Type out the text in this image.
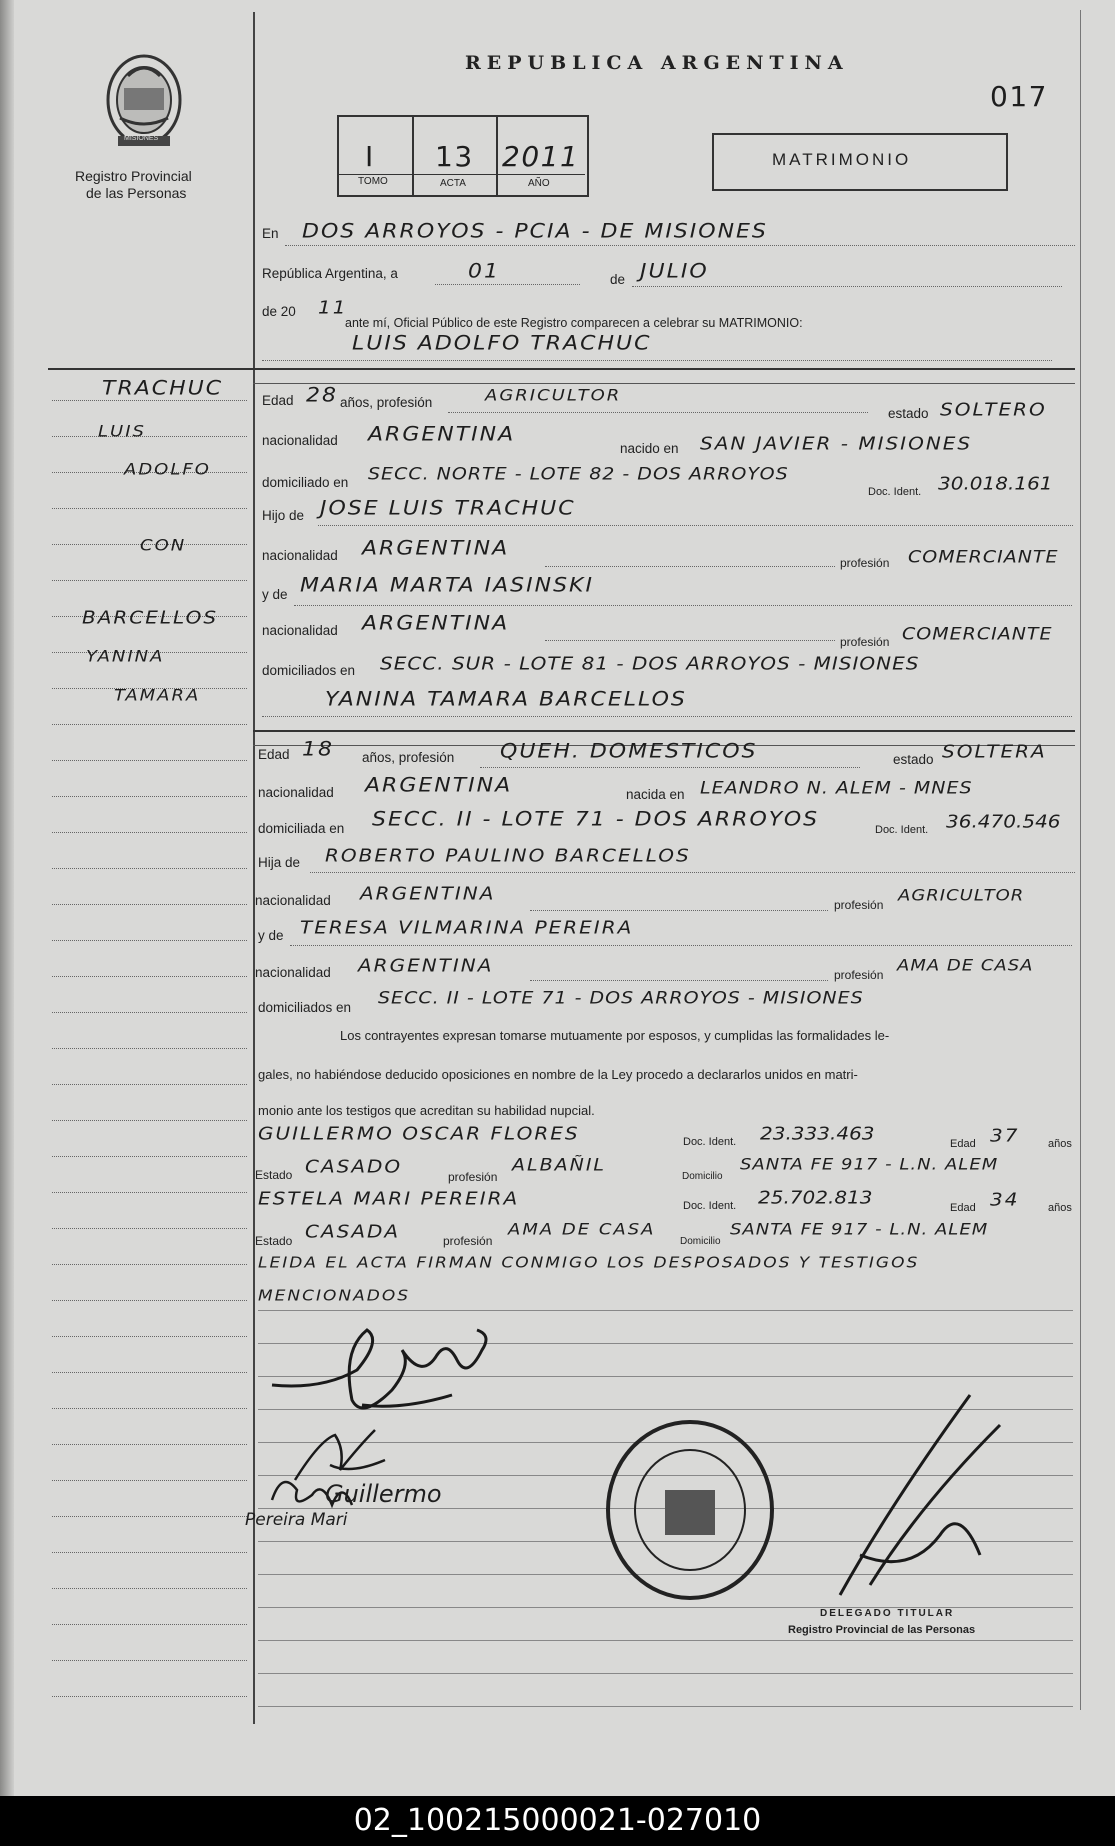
MISIONES
Registro Provincial
de las Personas
REPUBLICA ARGENTINA
017
I 13 2011
TOMO	ACTA	AÑO
MATRIMONIO
TRACHUC
LUIS
ADOLFO
CON
BARCELLOS
YANINA
TAMARA
En DOS ARROYOS - PCIA - DE MISIONES
República Argentina, a	01	de JULIO
de 20 11
ante mí, Oficial Público de este Registro comparecen a celebrar su MATRIMONIO:
LUIS ADOLFO TRACHUC
Edad 28 años, profesión	AGRICULTOR
estado SOLTERO
nacionalidad ARGENTINA
nacido en SAN JAVIER - MISIONES
domiciliado en SECC. NORTE - LOTE 82 - DOS ARROYOS
Doc. Ident. 30.018.161
Hijo de JOSE LUIS TRACHUC
nacionalidad ARGENTINA
profesión COMERCIANTE
y de MARIA MARTA IASINSKI
nacionalidad ARGENTINA
profesión COMERCIANTE
domiciliados en SECC. SUR - LOTE 81 - DOS ARROYOS - MISIONES
YANINA TAMARA BARCELLOS
Edad 18 años, profesión QUEH. DOMESTICOS	estado SOLTERA
nacionalidad ARGENTINA	nacida en LEANDRO N. ALEM - MNES
domiciliada en SECC. II - LOTE 71 - DOS ARROYOS	Doc. Ident. 36.470.546
Hija de ROBERTO PAULINO BARCELLOS
nacionalidad ARGENTINA
profesión AGRICULTOR
y de TERESA VILMARINA PEREIRA
nacionalidad ARGENTINA	profesión AMA DE CASA
domiciliados en SECC. II - LOTE 71 - DOS ARROYOS - MISIONES
Los contrayentes expresan tomarse mutuamente por esposos, y cumplidas las formalidades le-
gales, no habiéndose deducido oposiciones en nombre de la Ley procedo a declararlos unidos en matri-
monio ante los testigos que acreditan su habilidad nupcial.
GUILLERMO OSCAR FLORES	Doc. Ident. 23.333.463	Edad 37	años
Estado CASADO	profesión
ALBAÑIL
Domicilio
SANTA FE 917 - L.N. ALEM
ESTELA MARI PEREIRA	Doc. Ident. 25.702.813	Edad 34	años
Estado CASADA	profesión
AMA DE CASA
Domicilio
SANTA FE 917 - L.N. ALEM
LEIDA EL ACTA FIRMAN CONMIGO LOS DESPOSADOS Y TESTIGOS
MENCIONADOS
Guillermo
Pereira Mari
DELEGADO TITULAR
Registro Provincial de las Personas
02_100215000021-027010
